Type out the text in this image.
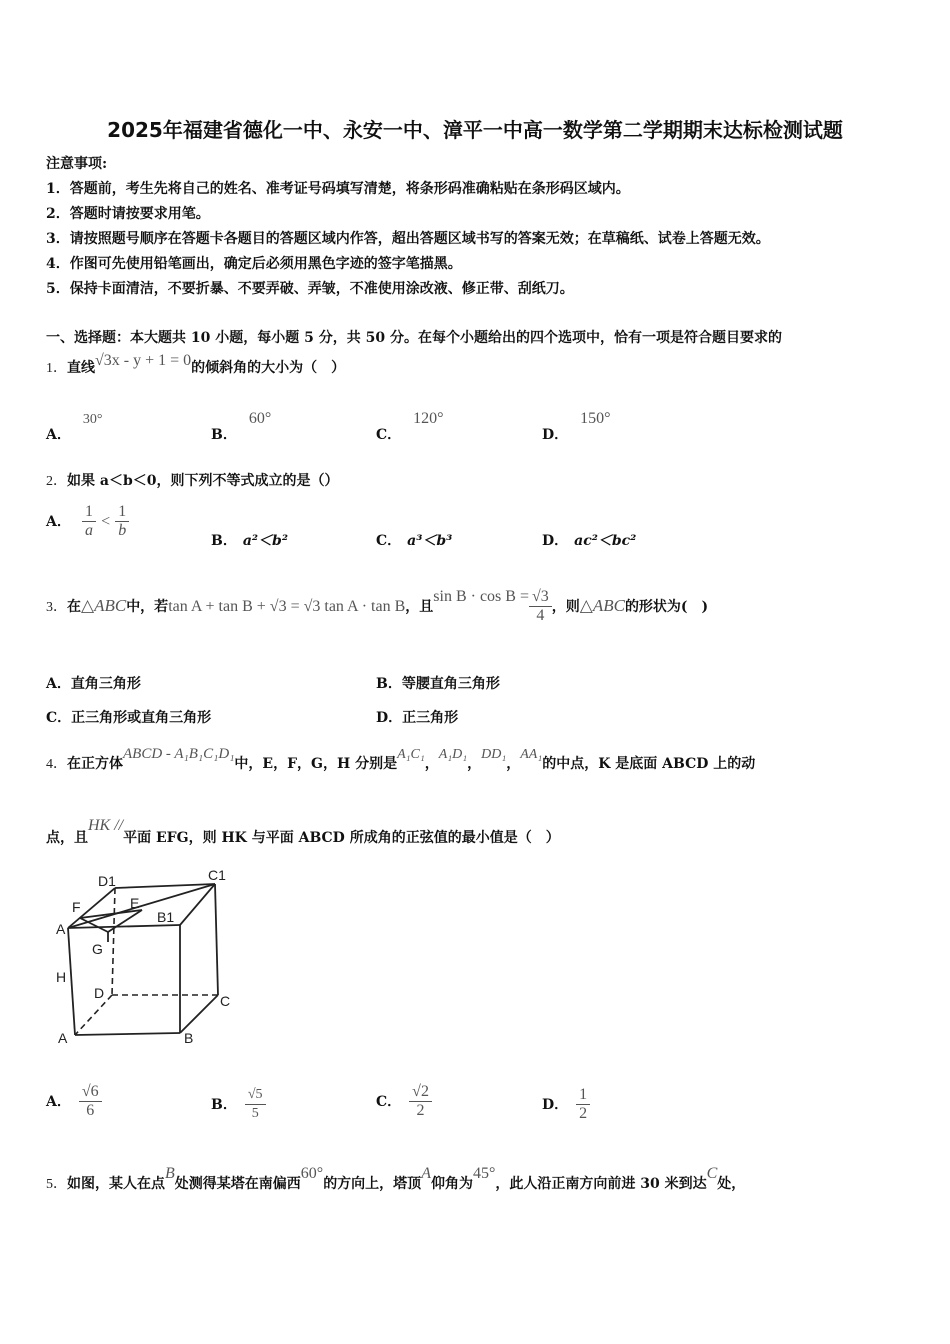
2025年福建省德化一中、永安一中、漳平一中高一数学第二学期期末达标检测试题
注意事项:
1．答题前，考生先将自己的姓名、准考证号码填写清楚，将条形码准确粘贴在条形码区域内。
2．答题时请按要求用笔。
3．请按照题号顺序在答题卡各题目的答题区域内作答，超出答题区域书写的答案无效；在草稿纸、试卷上答题无效。
4．作图可先使用铅笔画出，确定后必须用黑色字迹的签字笔描黑。
5．保持卡面清洁，不要折暴、不要弄破、弄皱，不准使用涂改液、修正带、刮纸刀。
一、选择题：本大题共 10 小题，每小题 5 分，共 50 分。在每个小题给出的四个选项中，恰有一项是符合题目要求的
1．直线√3x - y + 1 = 0的倾斜角的大小为（　）
A．30°
B．60°
C．120°
D．150°
2．如果 a＜b＜0，则下列不等式成立的是（）
A． $\frac{1}{a} < \frac{1}{b}$
B． a²＜b²	C． a³＜b³	D． ac²＜bc²
3．在△ABC中，若tan A + tan B + √3 = √3 tan A · tan B，且$\sin B \cdot \cos B = \frac{√3}{4}$ ，则△ABC的形状为(　)
A．直角三角形	B．等腰直角三角形
C．正三角形或直角三角形	D．正三角形
4．在正方体ABCD - A₁B₁C₁D₁中，E，F，G，H 分别是A₁C₁，A₁D₁，DD₁，AA₁的中点，K 是底面 ABCD 上的动
点，且HK //平面 EFG，则 HK 与平面 ABCD 所成角的正弦值的最小值是（　）
D1	C1
F	E
A
B1
G
H
D	C
A	B
A． $\frac{√6}{6}$	B． $\frac{√5}{5}$	C． $\frac{√2}{2}$	D． $\frac{1}{2}$
5．如图，某人在点B处测得某塔在南偏西60°的方向上，塔顶A仰角为45°，此人沿正南方向前进 30 米到达C处，
